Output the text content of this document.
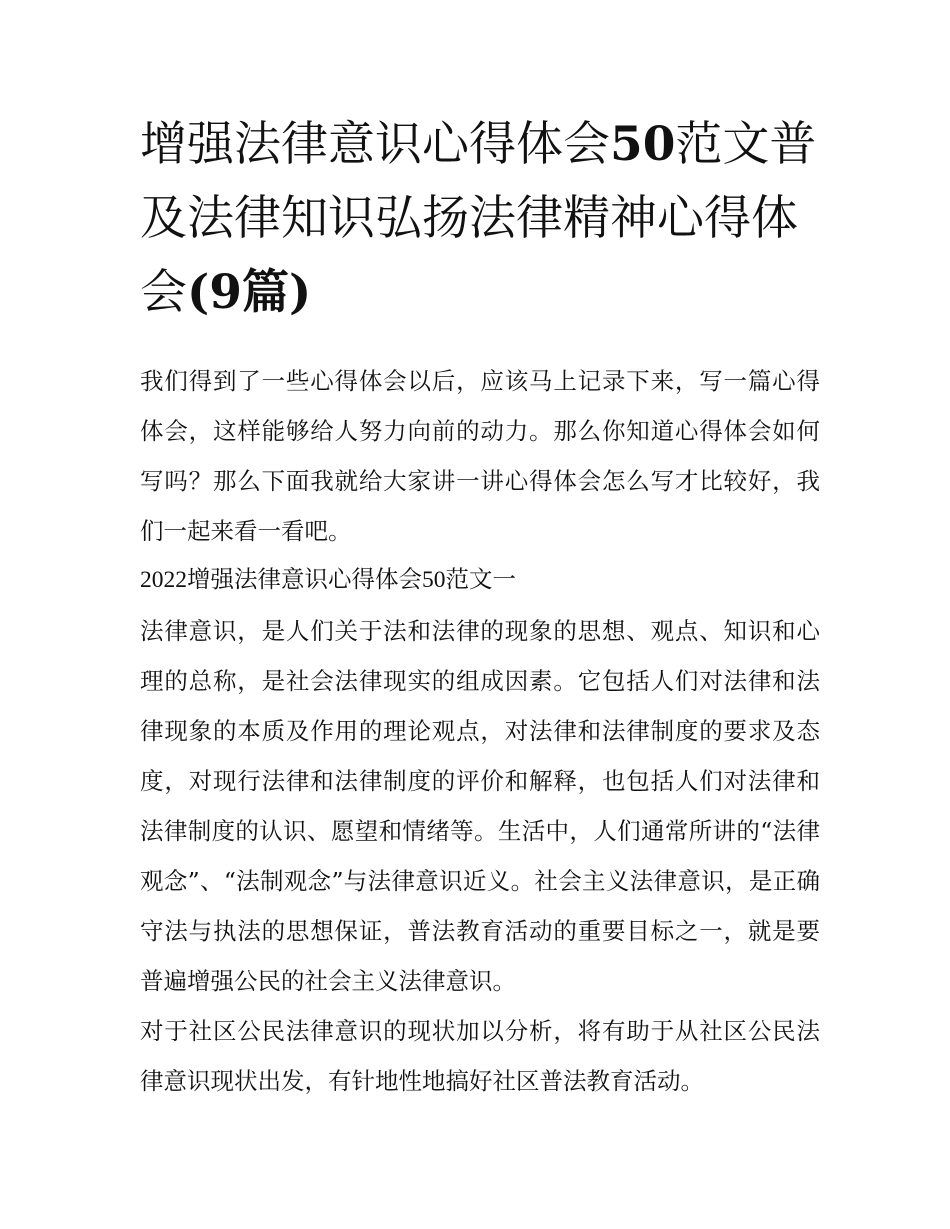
增强法律意识心得体会50范文普及法律知识弘扬法律精神心得体会(9篇)

我们得到了一些心得体会以后，应该马上记录下来，写一篇心得体会，这样能够给人努力向前的动力。那么你知道心得体会如何写吗？那么下面我就给大家讲一讲心得体会怎么写才比较好，我们一起来看一看吧。

2022增强法律意识心得体会50范文一

法律意识，是人们关于法和法律的现象的思想、观点、知识和心理的总称，是社会法律现实的组成因素。它包括人们对法律和法律现象的本质及作用的理论观点，对法律和法律制度的要求及态度，对现行法律和法律制度的评价和解释，也包括人们对法律和法律制度的认识、愿望和情绪等。生活中，人们通常所讲的“法律观念”、“法制观念”与法律意识近义。社会主义法律意识，是正确守法与执法的思想保证，普法教育活动的重要目标之一，就是要普遍增强公民的社会主义法律意识。

对于社区公民法律意识的现状加以分析，将有助于从社区公民法律意识现状出发，有针地性地搞好社区普法教育活动。
